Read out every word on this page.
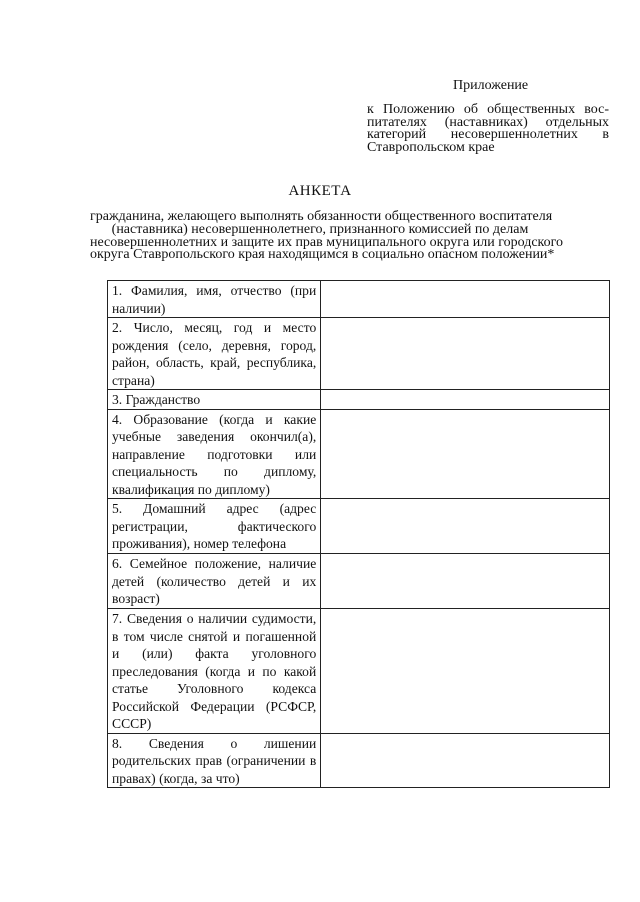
Приложение
к Положению об общественных вос-
питателях (наставниках) отдельных
категорий несовершеннолетних в
Ставропольском крае
АНКЕТА
гражданина, желающего выполнять обязанности общественного воспитателя
(наставника) несовершеннолетнего, признанного комиссией по делам
несовершеннолетних и защите их прав муниципального округа или городского
округа Ставропольского края находящимся в социально опасном положении*
1. Фамилия, имя, отчество (при наличии)	
2. Число, месяц, год и место рождения (село, деревня, город, район, область, край, республика, страна)	
3. Гражданство	
4. Образование (когда и какие учебные заведения окончил(а), направление подготовки или специальность по диплому, квалификация по диплому)	
5. Домашний адрес (адрес регистрации, фактического проживания), номер телефона	
6. Семейное положение, наличие детей (количество детей и их возраст)	
7. Сведения о наличии судимости, в том числе снятой и погашенной и (или) факта уголовного преследования (когда и по какой статье Уголовного кодекса Российской Федерации (РСФСР, СССР)	
8. Сведения о лишении родительских прав (ограничении в правах) (когда, за что)	
